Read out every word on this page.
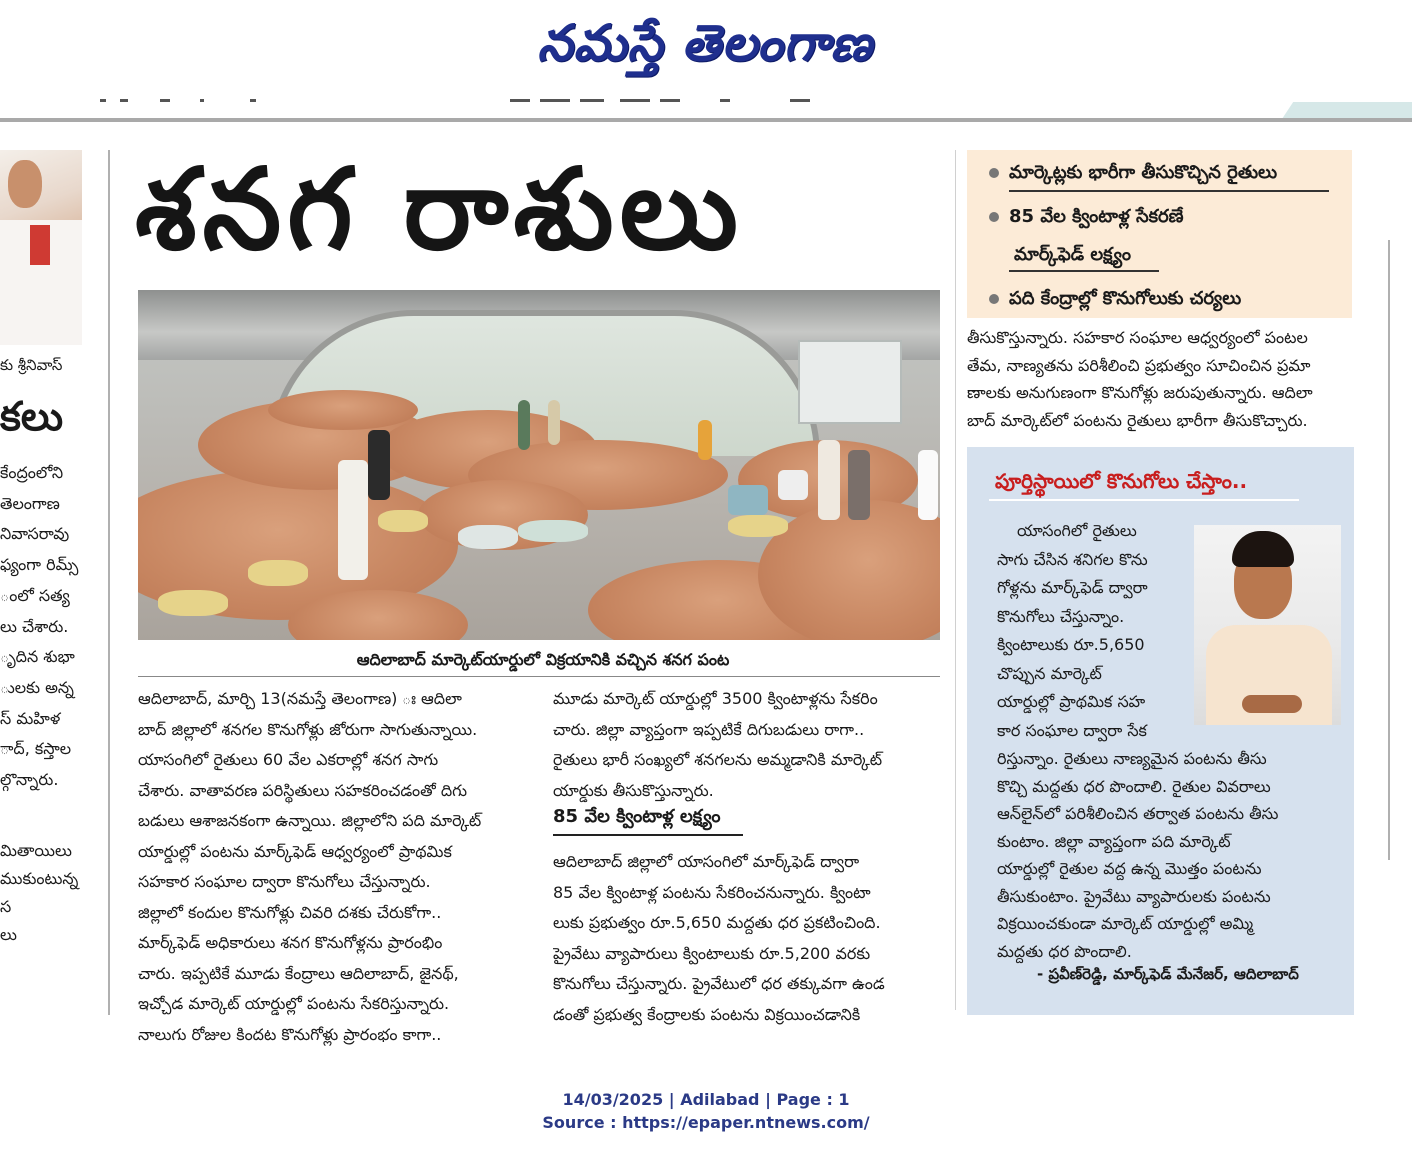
నమస్తే తెలంగాణ
కు శ్రీనివాస్
కలు
కేంద్రంలోని
తెలంగాణ
నివాసరావు
ఫ్యంగా రిమ్స్
ంలో సత్య
లు చేశారు.
ృదిన శుభా
ులకు అన్న
స్ మహిళ
ాద్, కస్తాల
ల్గొన్నారు.
మితాయిలు
ముకుంటున్న
స
లు
శనగ రాశులు
ఆదిలాబాద్ మార్కెట్‌యార్డులో విక్రయానికి వచ్చిన శనగ పంట
ఆదిలాబాద్, మార్చి 13(నమస్తే తెలంగాణ) ః ఆదిలా
బాద్ జిల్లాలో శనగల కొనుగోళ్లు జోరుగా సాగుతున్నాయి.
యాసంగిలో రైతులు 60 వేల ఎకరాల్లో శనగ సాగు
చేశారు. వాతావరణ పరిస్థితులు సహకరించడంతో దిగు
బడులు ఆశాజనకంగా ఉన్నాయి. జిల్లాలోని పది మార్కెట్
యార్డుల్లో పంటను మార్క్‌ఫెడ్ ఆధ్వర్యంలో ప్రాథమిక
సహకార సంఘాల ద్వారా కొనుగోలు చేస్తున్నారు.
జిల్లాలో కందుల కొనుగోళ్లు చివరి దశకు చేరుకోగా..
మార్క్‌ఫెడ్ అధికారులు శనగ కొనుగోళ్లను ప్రారంభిం
చారు. ఇప్పటికే మూడు కేంద్రాలు ఆదిలాబాద్, జైనథ్,
ఇచ్చోడ మార్కెట్ యార్డుల్లో పంటను సేకరిస్తున్నారు.
నాలుగు రోజుల కిందట కొనుగోళ్లు ప్రారంభం కాగా..
మూడు మార్కెట్ యార్డుల్లో 3500 క్వింటాళ్లను సేకరిం
చారు. జిల్లా వ్యాప్తంగా ఇప్పటికే దిగుబడులు రాగా..
రైతులు భారీ సంఖ్యలో శనగలను అమ్మడానికి మార్కెట్
యార్డుకు తీసుకొస్తున్నారు.
85 వేల క్వింటాళ్ల లక్ష్యం
ఆదిలాబాద్ జిల్లాలో యాసంగిలో మార్క్‌ఫెడ్ ద్వారా
85 వేల క్వింటాళ్ల పంటను సేకరించనున్నారు. క్వింటా
లుకు ప్రభుత్వం రూ.5,650 మద్దతు ధర ప్రకటించింది.
ప్రైవేటు వ్యాపారులు క్వింటాలుకు రూ.5,200 వరకు
కొనుగోలు చేస్తున్నారు. ప్రైవేటులో ధర తక్కువగా ఉండ
డంతో ప్రభుత్వ కేంద్రాలకు పంటను విక్రయించడానికి
మార్కెట్లకు భారీగా తీసుకొచ్చిన రైతులు
85 వేల క్వింటాళ్ల సేకరణే
మార్క్‌ఫెడ్ లక్ష్యం
పది కేంద్రాల్లో కొనుగోలుకు చర్యలు
తీసుకొస్తున్నారు. సహకార సంఘాల ఆధ్వర్యంలో పంటల
తేమ, నాణ్యతను పరిశీలించి ప్రభుత్వం సూచించిన ప్రమా
ణాలకు అనుగుణంగా కొనుగోళ్లు జరుపుతున్నారు. ఆదిలా
బాద్ మార్కెట్‌లో పంటను రైతులు భారీగా తీసుకొచ్చారు.
పూర్తిస్థాయిలో కొనుగోలు చేస్తాం..
యాసంగిలో రైతులు
సాగు చేసిన శనిగల కొను
గోళ్లను మార్క్‌ఫెడ్ ద్వారా
కొనుగోలు చేస్తున్నాం.
క్వింటాలుకు రూ.5,650
చొప్పున మార్కెట్
యార్డుల్లో ప్రాథమిక సహ
కార సంఘాల ద్వారా సేక
రిస్తున్నాం. రైతులు నాణ్యమైన పంటను తీసు
కొచ్చి మద్దతు ధర పొందాలి. రైతుల వివరాలు
ఆన్‌లైన్‌లో పరిశీలించిన తర్వాత పంటను తీసు
కుంటాం. జిల్లా వ్యాప్తంగా పది మార్కెట్
యార్డుల్లో రైతుల వద్ద ఉన్న మొత్తం పంటను
తీసుకుంటాం. ప్రైవేటు వ్యాపారులకు పంటను
విక్రయించకుండా మార్కెట్ యార్డుల్లో అమ్మి
మద్దతు ధర పొందాలి.
- ప్రవీణ్‌రెడ్డి, మార్క్‌ఫెడ్ మేనేజర్, ఆదిలాబాద్
14/03/2025 | Adilabad | Page : 1
Source : https://epaper.ntnews.com/
